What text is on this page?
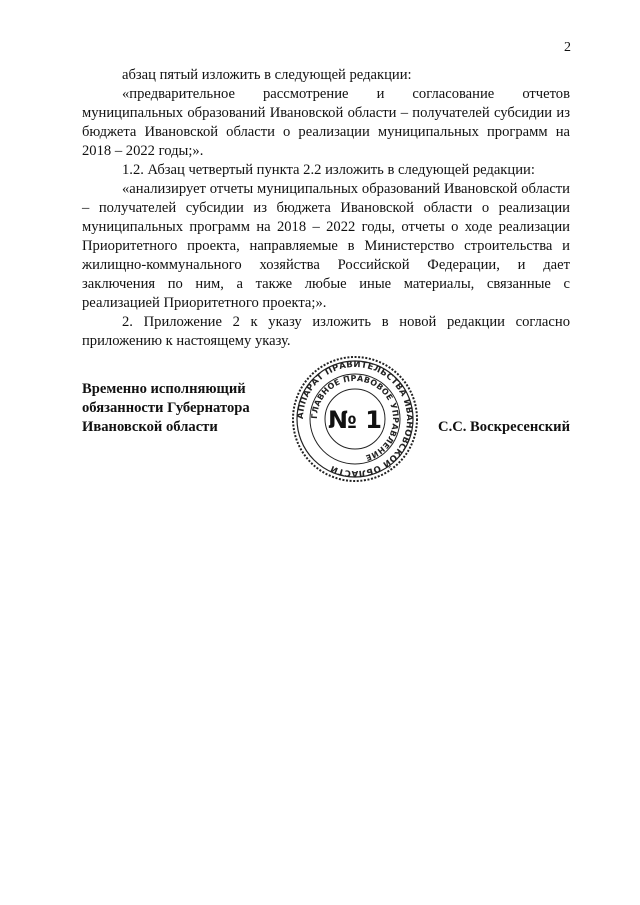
2

абзац пятый изложить в следующей редакции:

«предварительное рассмотрение и согласование отчетов муниципальных образований Ивановской области – получателей субсидии из бюджета Ивановской области о реализации муниципальных программ на 2018 – 2022 годы;».

1.2. Абзац четвертый пункта 2.2 изложить в следующей редакции:

«анализирует отчеты муниципальных образований Ивановской области – получателей субсидии из бюджета Ивановской области о реализации муниципальных программ на 2018 – 2022 годы, отчеты о ходе реализации Приоритетного проекта, направляемые в Министерство строительства и жилищно-коммунального хозяйства Российской Федерации, и дает заключения по ним, а также любые иные материалы, связанные с реализацией Приоритетного проекта;».

2. Приложение 2 к указу изложить в новой редакции согласно приложению к настоящему указу.

Временно исполняющий
обязанности Губернатора
Ивановской области
АППАРАТ ПРАВИТЕЛЬСТВА ИВАНОВСКОЙ ОБЛАСТИ
ГЛАВНОЕ ПРАВОВОЕ УПРАВЛЕНИЕ
№ 1	С.С. Воскресенский
